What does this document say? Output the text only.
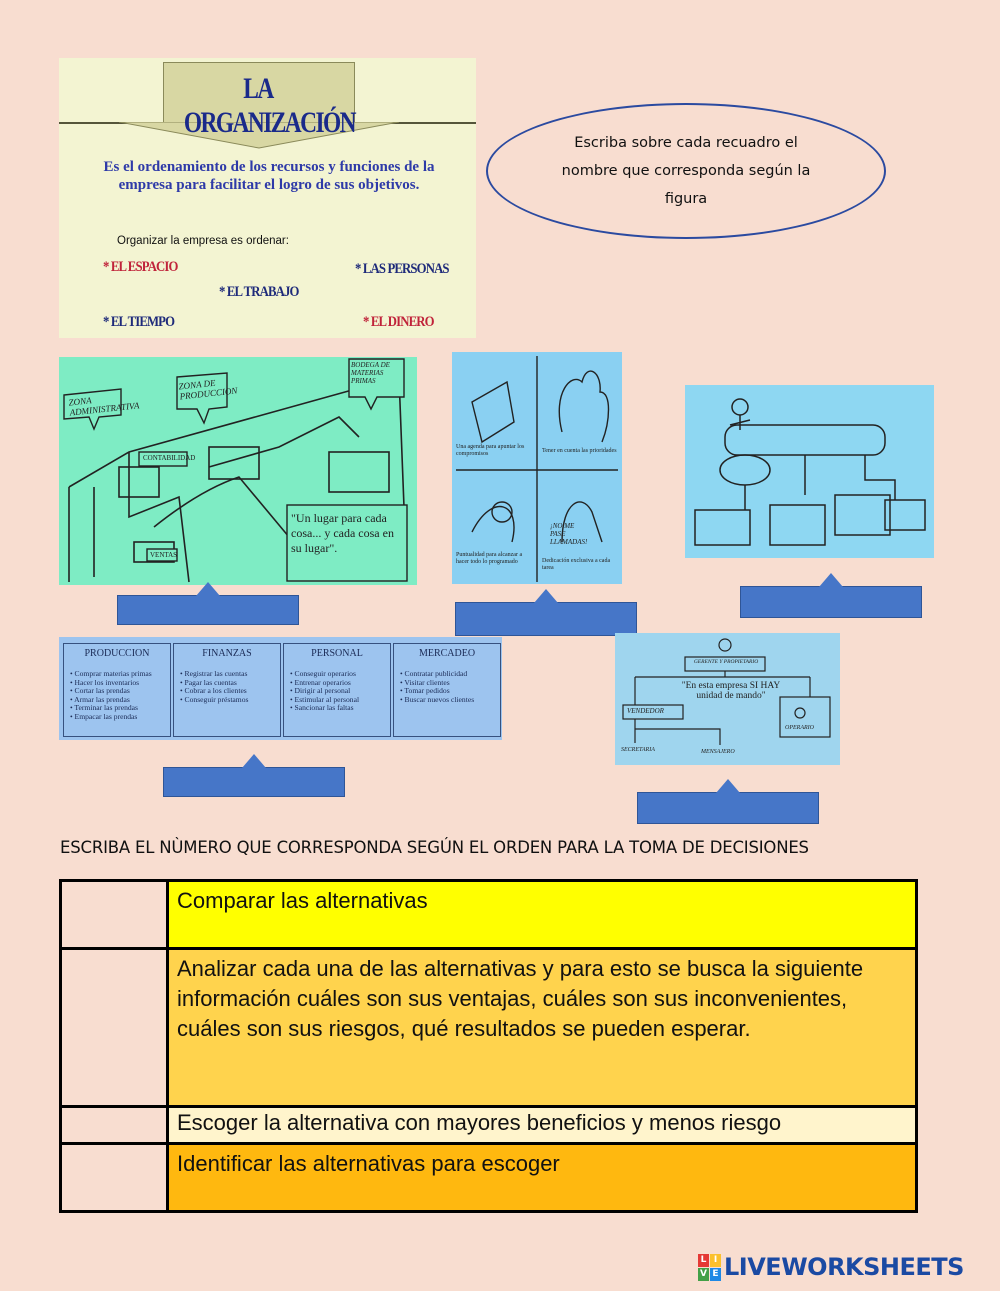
LA ORGANIZACIÓN
Es el ordenamiento de los recursos y funciones de la empresa para facilitar el logro de sus objetivos.
Organizar la empresa es ordenar:
* EL ESPACIO	* LAS PERSONAS
* EL TRABAJO
* EL TIEMPO	* EL DINERO
Escriba sobre cada recuadro el nombre que corresponda según la figura
ZONA ADMINISTRATIVA
ZONA DE PRODUCCION
BODEGA DE MATERIAS PRIMAS
CONTABILIDAD
VENTAS
"Un lugar para cada cosa... y cada cosa en su lugar".
Una agenda para apuntar los compromisos	Tener en cuenta las prioridades
Puntualidad para alcanzar a hacer todo lo programado	Dedicación exclusiva a cada tarea
¡NO ME PASE LLAMADAS!
PRODUCCION
• Comprar materias primas
• Hacer los inventarios
• Cortar las prendas
• Armar las prendas
• Terminar las prendas
• Empacar las prendas
FINANZAS
• Registrar las cuentas
• Pagar las cuentas
• Cobrar a los clientes
• Conseguir préstamos
PERSONAL
• Conseguir operarios
• Entrenar operarios
• Dirigir al personal
• Estimular al personal
• Sancionar las faltas
MERCADEO
• Contratar publicidad
• Visitar clientes
• Tomar pedidos
• Buscar nuevos clientes
GERENTE Y PROPIETARIO
"En esta empresa SI HAY unidad de mando"
VENDEDOR
OPERARIO
SECRETARIA	MENSAJERO
ESCRIBA EL NÙMERO QUE CORRESPONDA SEGÚN EL ORDEN PARA LA TOMA DE DECISIONES
	Comparar las alternativas
	Analizar cada una de las alternativas y para esto se busca la siguiente información cuáles son sus ventajas, cuáles son sus inconvenientes, cuáles son sus riesgos, qué resultados se pueden esperar.
	Escoger la alternativa con mayores beneficios y menos riesgo
	Identificar las alternativas para escoger
L I
V E LIVEWORKSHEETS
